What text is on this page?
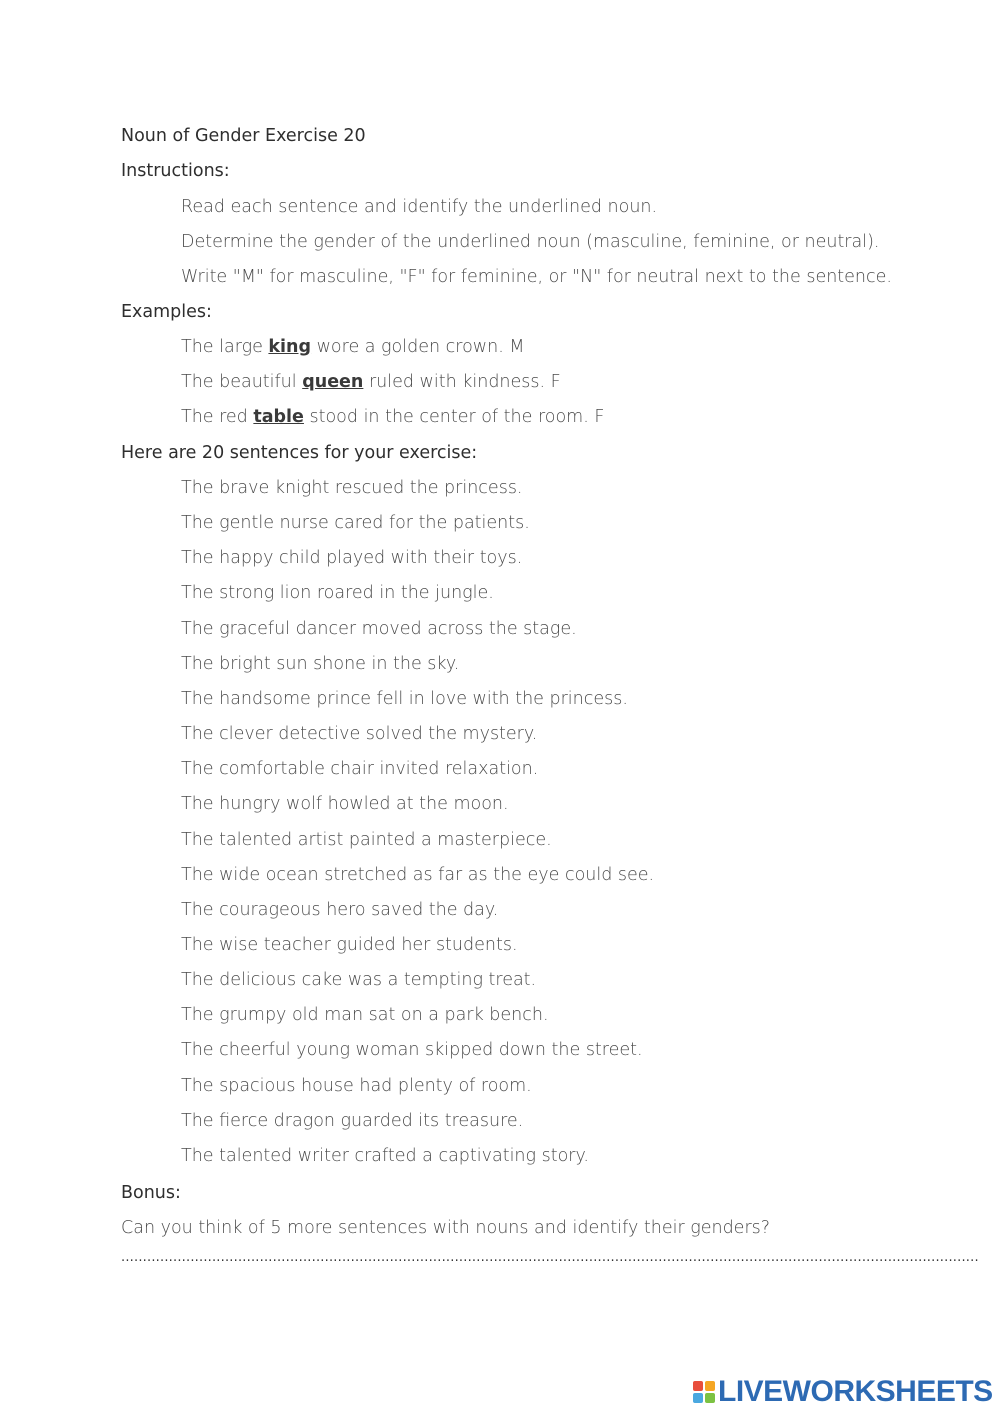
Noun of Gender Exercise 20
Instructions:
Read each sentence and identify the underlined noun.
Determine the gender of the underlined noun (masculine, feminine, or neutral).
Write "M" for masculine, "F" for feminine, or "N" for neutral next to the sentence.
Examples:
The large king wore a golden crown. M
The beautiful queen ruled with kindness. F
The red table stood in the center of the room. F
Here are 20 sentences for your exercise:
The brave knight rescued the princess.
The gentle nurse cared for the patients.
The happy child played with their toys.
The strong lion roared in the jungle.
The graceful dancer moved across the stage.
The bright sun shone in the sky.
The handsome prince fell in love with the princess.
The clever detective solved the mystery.
The comfortable chair invited relaxation.
The hungry wolf howled at the moon.
The talented artist painted a masterpiece.
The wide ocean stretched as far as the eye could see.
The courageous hero saved the day.
The wise teacher guided her students.
The delicious cake was a tempting treat.
The grumpy old man sat on a park bench.
The cheerful young woman skipped down the street.
The spacious house had plenty of room.
The fierce dragon guarded its treasure.
The talented writer crafted a captivating story.
Bonus:
Can you think of 5 more sentences with nouns and identify their genders?
......................................................................................................................................................................................................
LIVEWORKSHEETS
